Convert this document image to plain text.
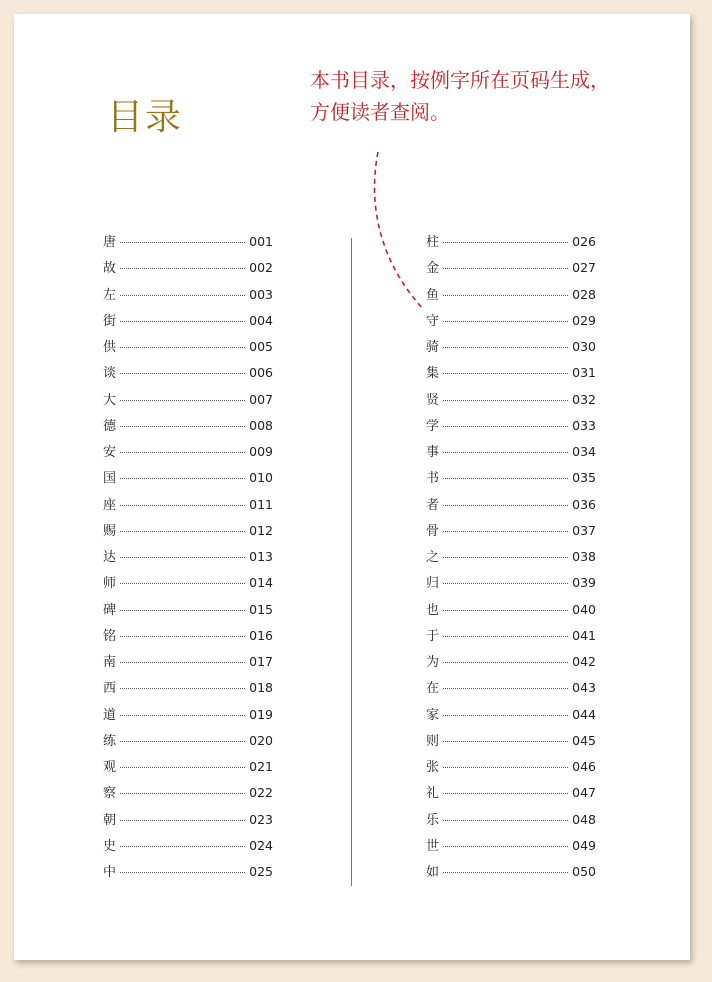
目录

本书目录，按例字所在页码生成，
方便读者查阅。

唐	001
故	002
左	003
街	004
供	005
谈	006
大	007
德	008
安	009
国	010
座	011
赐	012
达	013
师	014
碑	015
铭	016
南	017
西	018
道	019
练	020
观	021
察	022
朝	023
史	024
中	025
柱	026
金	027
鱼	028
守	029
骑	030
集	031
贤	032
学	033
事	034
书	035
者	036
骨	037
之	038
归	039
也	040
于	041
为	042
在	043
家	044
则	045
张	046
礼	047
乐	048
世	049
如	050
